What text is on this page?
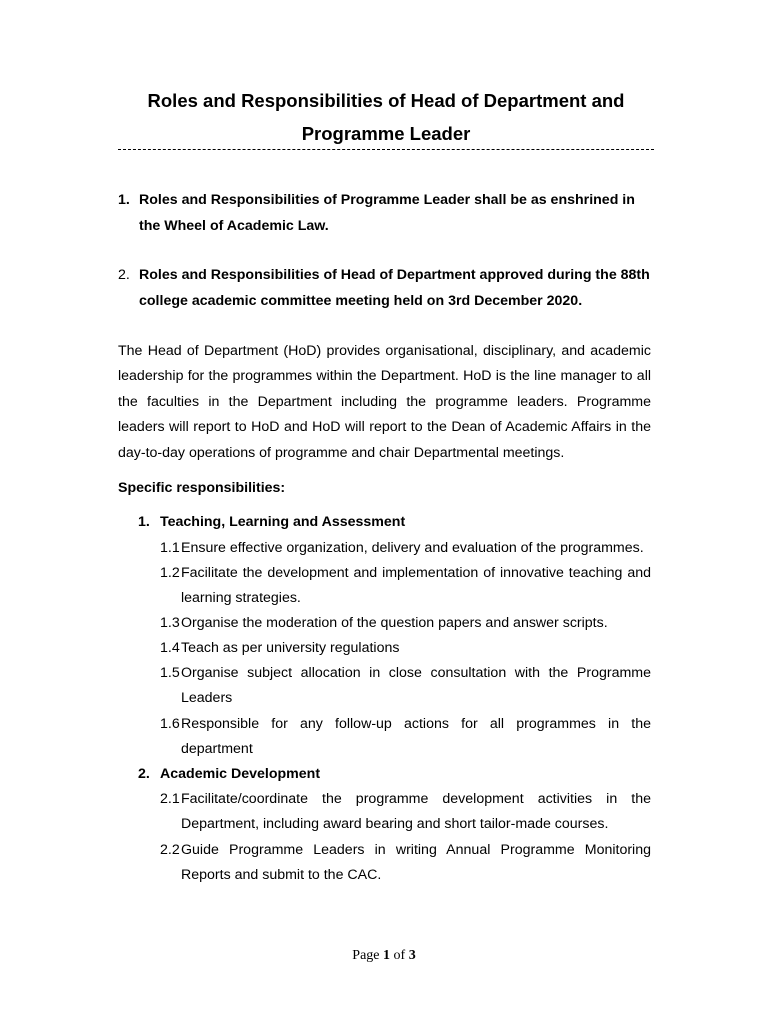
Roles and Responsibilities of Head of Department and
Programme Leader
1. Roles and Responsibilities of Programme Leader shall be as enshrined in the Wheel of Academic Law.
2. Roles and Responsibilities of Head of Department approved during the 88th college academic committee meeting held on 3rd December 2020.

The Head of Department (HoD) provides organisational, disciplinary, and academic leadership for the programmes within the Department. HoD is the line manager to all the faculties in the Department including the programme leaders. Programme leaders will report to HoD and HoD will report to the Dean of Academic Affairs in the day-to-day operations of programme and chair Departmental meetings.

Specific responsibilities:

1. Teaching, Learning and Assessment
1.1 Ensure effective organization, delivery and evaluation of the programmes.
1.2 Facilitate the development and implementation of innovative teaching and learning strategies.
1.3 Organise the moderation of the question papers and answer scripts.
1.4 Teach as per university regulations
1.5 Organise subject allocation in close consultation with the Programme Leaders
1.6 Responsible for any follow-up actions for all programmes in the department
2. Academic Development
2.1 Facilitate/coordinate the programme development activities in the Department, including award bearing and short tailor-made courses.
2.2 Guide Programme Leaders in writing Annual Programme Monitoring Reports and submit to the CAC.
Page 1 of 3
